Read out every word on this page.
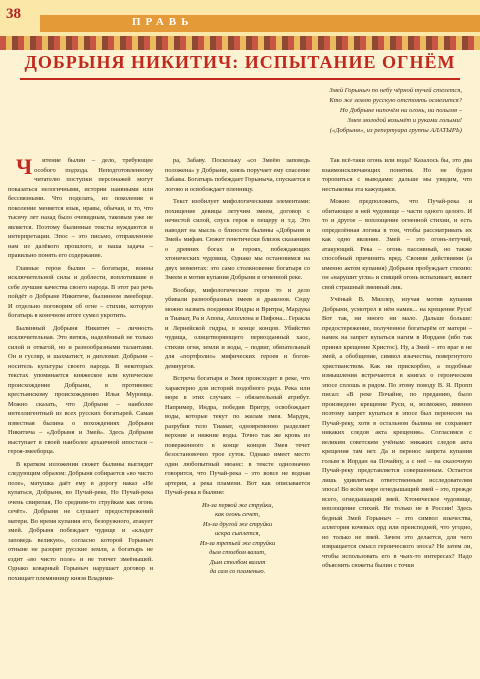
38	ПРАВЬ
ДОБРЫНЯ НИКИТИЧ: ИСПЫТАНИЕ ОГНЁМ
Змей Горыныч по небу чёрной тучей стелется,
Кто же землю русскую отстоять осмелится?
Но Добрыне нипочём ни огонь, ни полымя –
Змея молодой возьмёт и руками голыми!
(«Добрыня», из репертуара группы АЛАТЫРЬ)

Ч итение былин – дело, требующее особого подхода. Неподготовленному читателю поступки персонажей могут показаться нелогичными, истории наивными или бессвязными. Что поделать, из поколения в поколение меняется язык, нравы, обычаи, и то, что тысячу лет назад было очевидным, таковым уже не является. Поэтому былинные тексты нуждаются в интерпретации. Эпос – это письмо, отправленное нам из далёкого прошлого, и наша задача – правильно понять его содержание.

Главные герои былин – богатыри, воины исключительной силы и доблести, воплотившие в себе лучшие качества своего народа. В этот раз речь пойдёт о Добрыне Никитиче, былинном змееборце. И отдельно поговорим об огне – стихии, которую богатырь в конечном итоге сумел укротить.

Былинный Добрыня Никитич – личность исключительная. Это витязь, наделённый не только силой и отвагой, но и разнообразными талантами. Он и гусляр, и шахматист, и дипломат. Добрыня – носитель культуры своего народа. В некоторых текстах упоминается княжеское или купеческое происхождение Добрыни, в противовес крестьянскому происхождению Ильи Муромца. Можно сказать, что Добрыня – наиболее интеллигентный из всех русских богатырей. Самая известная былина о похождениях Добрыни Никитича – «Добрыня и Змей». Здесь Добрыня выступает в своей наиболее архаичной ипостаси – героя-змееборца.

В кратком изложении сюжет былины выглядит следующим образом: Добрыня собирается «во чисто поле», матушка даёт ему в дорогу наказ «Не купаться, Добрыня, во Пучай-реке, Но Пучай-река очень свирепая, По средним-то струйкам как огонь сечёт». Добрыня не слушает предостережений матери. Во время купания его, безоружного, атакует змей. Добрыня побеждает чудище и «кладет заповедь великую», согласно которой Горыныч отныне не разорит русские земли, а богатырь не ездит «во чисто поле» и не топчет змеёнышей. Однако коварный Горыныч нарушает договор и похищает племянницу князя Владими-

ра, Забаву. Поскольку «со Змеёю заповедь положена» у Добрыни, князь поручает ему спасение Забавы. Богатырь побеждает Горыныча, спускается в логово и освобождает пленницу.

Текст изобилует мифологическими элементами: похищение девицы летучим змеем, договор с нечистой силой, спуск героя в пещеру и т.д. Это наводит на мысль о близости былины «Добрыня и Змей» мифам. Сюжет генетически близок сказаниям о древних богах и героях, побеждающих хтонических чудовищ. Однако мы остановимся на двух моментах: это само столкновение богатыря со Змеем и мотив купания Добрыни в огненной реке.

Вообще, мифологические герои то и дело убивали разнообразных змеев и драконов. Сюду можно назвать поединки Индры и Вритры, Мардука и Тиамат, Ра и Апопа, Аполлона и Пифона... Геракла и Лернейской гидры, в конце концов. Убийство чудища, олицетворяющего первозданный хаос, стихии огня, земли и воды, – подвиг, обязательный для «портфолио» мифических героев и богов-демиургов.

Встреча богатыря и Змея происходит в реке, что характерно для историй подобного рода. Река или море в этих случаях – обязательный атрибут. Например, Индра, победив Вритру, освобождает воды, которые текут по жилам змея. Мардук, разрубив тело Тиамат, одновременно разделяет верхние и нижние воды. Точно так же кровь из поверженного в конце концов Змея течет безостановочно трое суток. Однако имеет место один любопытный нюанс: в тексте однозначно говорится, что Пучай-река – это вовсе не водная артерия, а река пламени. Вот как описывается Пучай-река в былине:

Из-за первой же струйки,
как огонь сечет,
Из-за другой же струйки
искра сыплется,
Из-за третьей же струйки
дым столбом валит,
Дым столбом валит
да сам со пламенью.

Так всё-таки огонь или вода? Казалось бы, это два взаимоисключающих понятия. Но не будем торопиться с выводами: дальше мы увидим, что нестыковка эта кажущаяся.

Можно предположить, что Пучай-река и обитающее в ней чудовище – части одного целого. И то и другое – воплощение огненной стихии, и есть определённая логика в том, чтобы рассматривать их как одно явление. Змей – это огонь-летучий, атакующий. Река – огонь пассивный, но также способный причинить вред. Своими действиями (а именно актом купания) Добрыня пробуждает стихию: он «нарушит угли» и спящий огонь вспыхивает, являет свой страшный змеиный лик.

Учёный В. Миллер, изучая мотив купания Добрыни, усмотрел в нём намек... на крещение Руси! Вот так, ни много ни мало. Дальше больше: предостережение, полученное богатырём от матери – намек на запрет купаться нагим в Иордане (ибо так принял крещение Христос). Ну, а Змей – это враг в не змей, а обобщение, символ язычества, повергнутого христианством. Как ни прискорбно, а подобные измышления встречаются в книгах о героическом эпосе сплошь и рядом. По этому поводу В. Я. Пропп писал: «В реке Почайне, по преданию, было произведено крещение Руси, и, возможно, именно поэтому запрет купаться в эпосе был перенесен на Пучай-реку, хотя в остальном былина не сохраняет никаких следов акта крещения». Согласимся с великим советским учёным: никаких следов акта крещения там нет. Да и перенос запрета купания голым в Иордан на Почайну, а с неё – на сказочную Пучай-реку представляется совершенным. Остается лишь удивляться ответственным исследователям эпоса! Во всём мире огнедышащий змей – это, прежде всего, огнедышащий змей. Хтоническое чудовище, воплощение стихий. Не только не в России! Здесь бедный Змей Горыныч – это символ язычества, аллегория кочевых орд или преисподней, что угодно, но только не змей. Зачем это делается, для чего извращается смысл героического эпоса? Не затем ли, чтобы использовать его в чьих-то интересах? Надо объяснить сюжеты былин с точки
